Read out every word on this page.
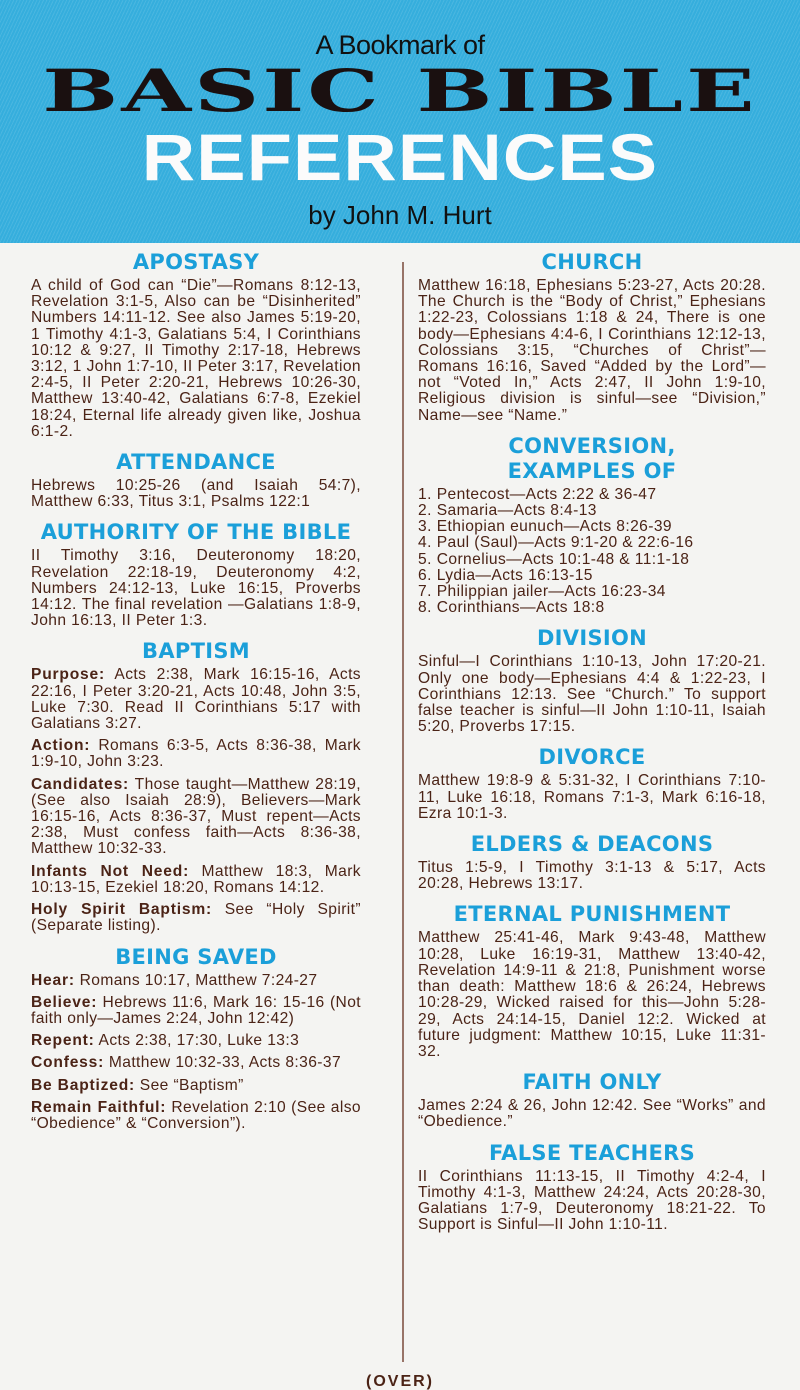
A Bookmark of
BASIC BIBLE
REFERENCES
by John M. Hurt
APOSTASY

A child of God can “Die”—Romans 8:12-13, Revelation 3:1-5, Also can be “Disinherited” Numbers 14:11-12. See also James 5:19-20, 1 Timothy 4:1-3, Galatians 5:4, I Corinthians 10:12 & 9:27, II Timothy 2:17-18, Hebrews 3:12, 1 John 1:7-10, II Peter 3:17, Revelation 2:4-5, II Peter 2:20-21, Hebrews 10:26-30, Matthew 13:40-42, Galatians 6:7-8, Ezekiel 18:24, Eternal life already given like, Joshua 6:1-2.

ATTENDANCE

Hebrews 10:25-26 (and Isaiah 54:7), Matthew 6:33, Titus 3:1, Psalms 122:1

AUTHORITY OF THE BIBLE

II Timothy 3:16, Deuteronomy 18:20, Revelation 22:18-19, Deuteronomy 4:2, Numbers 24:12-13, Luke 16:15, Proverbs 14:12. The final revelation —Galatians 1:8-9, John 16:13, II Peter 1:3.

BAPTISM

Purpose: Acts 2:38, Mark 16:15-16, Acts 22:16, I Peter 3:20-21, Acts 10:48, John 3:5, Luke 7:30. Read II Corinthians 5:17 with Galatians 3:27.

Action: Romans 6:3-5, Acts 8:36-38, Mark 1:9-10, John 3:23.

Candidates: Those taught—Matthew 28:19, (See also Isaiah 28:9), Believers—Mark 16:15-16, Acts 8:36-37, Must repent—Acts 2:38, Must confess faith—Acts 8:36-38, Matthew 10:32-33.

Infants Not Need: Matthew 18:3, Mark 10:13-15, Ezekiel 18:20, Romans 14:12.

Holy Spirit Baptism: See “Holy Spirit” (Separate listing).

BEING SAVED

Hear: Romans 10:17, Matthew 7:24-27

Believe: Hebrews 11:6, Mark 16: 15-16 (Not faith only—James 2:24, John 12:42)

Repent: Acts 2:38, 17:30, Luke 13:3

Confess: Matthew 10:32-33, Acts 8:36-37

Be Baptized: See “Baptism”

Remain Faithful: Revelation 2:10 (See also “Obedience” & “Conversion”).

CHURCH

Matthew 16:18, Ephesians 5:23-27, Acts 20:28. The Church is the “Body of Christ,” Ephesians 1:22-23, Colossians 1:18 & 24, There is one body—Ephesians 4:4-6, I Corinthians 12:12-13, Colossians 3:15, “Churches of Christ”—Romans 16:16, Saved “Added by the Lord”—not “Voted In,” Acts 2:47, II John 1:9-10, Religious division is sinful—see “Division,” Name—see “Name.”

CONVERSION,
EXAMPLES OF
1.
Pentecost—Acts 2:22 & 36-47
2.
Samaria—Acts 8:4-13
3.
Ethiopian eunuch—Acts 8:26-39
4.
Paul (Saul)—Acts 9:1-20 & 22:6-16
5.
Cornelius—Acts 10:1-48 & 11:1-18
6.
Lydia—Acts 16:13-15
7.
Philippian jailer—Acts 16:23-34
8.
Corinthians—Acts 18:8
DIVISION

Sinful—I Corinthians 1:10-13, John 17:20-21. Only one body—Ephesians 4:4 & 1:22-23, I Corinthians 12:13. See “Church.” To support false teacher is sinful—II John 1:10-11, Isaiah 5:20, Proverbs 17:15.

DIVORCE

Matthew 19:8-9 & 5:31-32, I Corinthians 7:10-11, Luke 16:18, Romans 7:1-3, Mark 6:16-18, Ezra 10:1-3.

ELDERS & DEACONS

Titus 1:5-9, I Timothy 3:1-13 & 5:17, Acts 20:28, Hebrews 13:17.

ETERNAL PUNISHMENT

Matthew 25:41-46, Mark 9:43-48, Matthew 10:28, Luke 16:19-31, Matthew 13:40-42, Revelation 14:9-11 & 21:8, Punishment worse than death: Matthew 18:6 & 26:24, Hebrews 10:28-29, Wicked raised for this—John 5:28-29, Acts 24:14-15, Daniel 12:2. Wicked at future judgment: Matthew 10:15, Luke 11:31-32.

FAITH ONLY

James 2:24 & 26, John 12:42. See “Works” and “Obedience.”

FALSE TEACHERS

II Corinthians 11:13-15, II Timothy 4:2-4, I Timothy 4:1-3, Matthew 24:24, Acts 20:28-30, Galatians 1:7-9, Deuteronomy 18:21-22. To Support is Sinful—II John 1:10-11.

(OVER)
